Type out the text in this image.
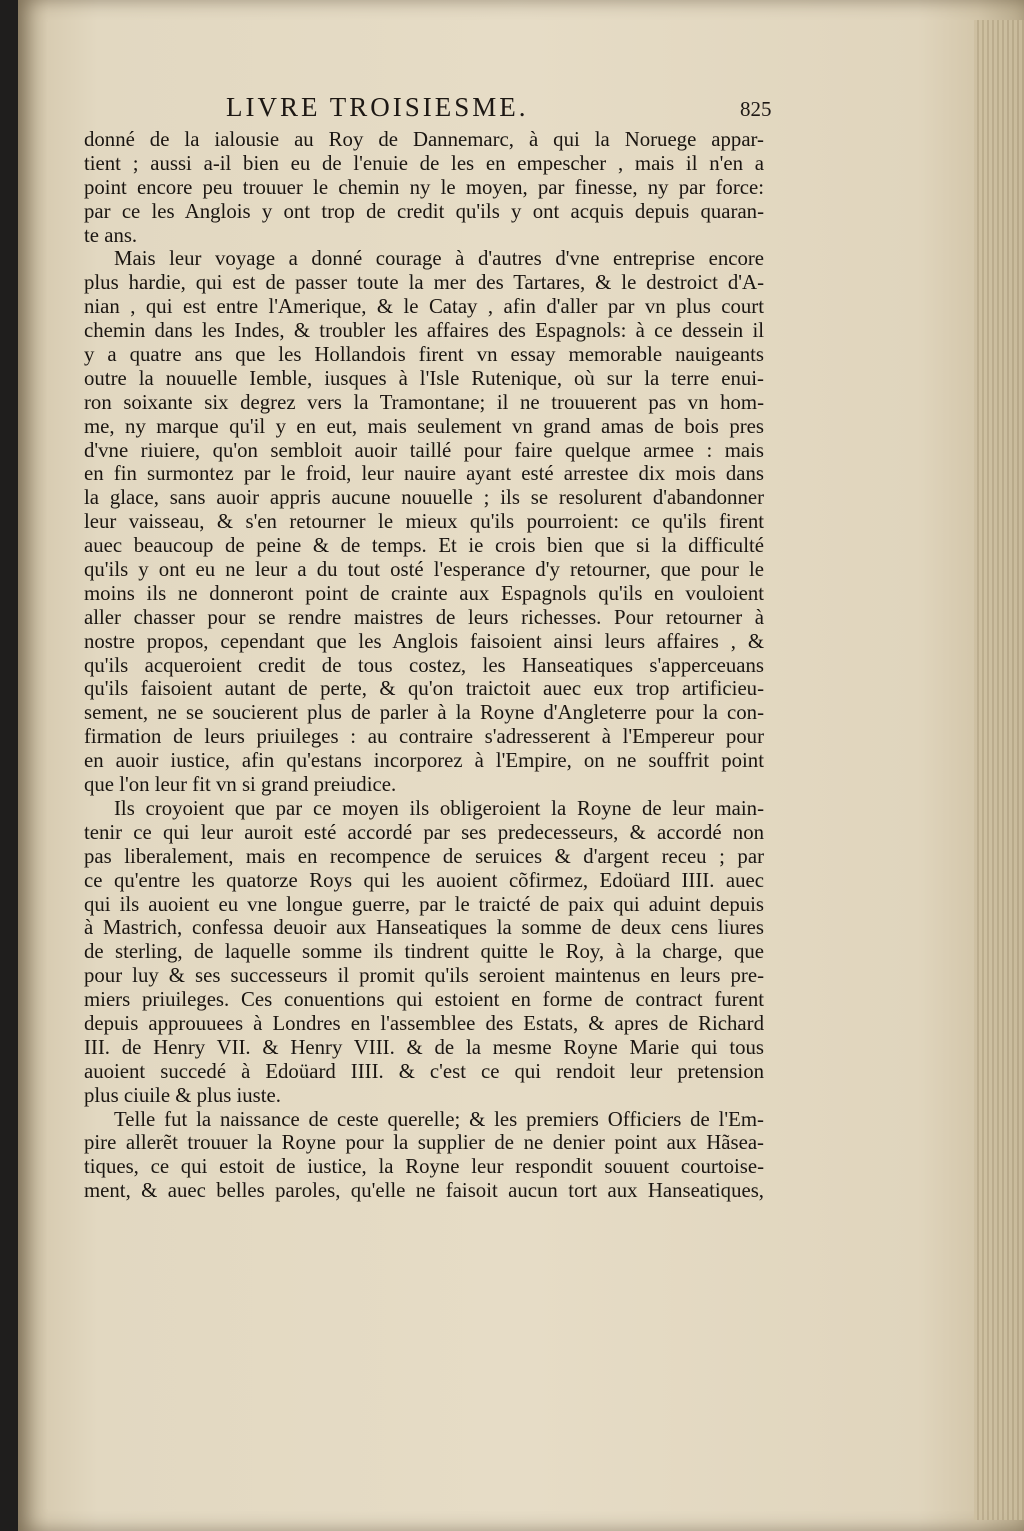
LIVRE TROISIESME.	825
donné de la ialousie au Roy de Dannemarc, à qui la Noruege appar-
tient ; aussi a-il bien eu de l'enuie de les en empescher , mais il n'en a
point encore peu trouuer le chemin ny le moyen, par finesse, ny par force:
par ce les Anglois y ont trop de credit qu'ils y ont acquis depuis quaran-
te ans.
Mais leur voyage a donné courage à d'autres d'vne entreprise encore
plus hardie, qui est de passer toute la mer des Tartares, & le destroict d'A-
nian , qui est entre l'Amerique, & le Catay , afin d'aller par vn plus court
chemin dans les Indes, & troubler les affaires des Espagnols: à ce dessein il
y a quatre ans que les Hollandois firent vn essay memorable nauigeants
outre la nouuelle Iemble, iusques à l'Isle Rutenique, où sur la terre enui-
ron soixante six degrez vers la Tramontane; il ne trouuerent pas vn hom-
me, ny marque qu'il y en eut, mais seulement vn grand amas de bois pres
d'vne riuiere, qu'on sembloit auoir taillé pour faire quelque armee : mais
en fin surmontez par le froid, leur nauire ayant esté arrestee dix mois dans
la glace, sans auoir appris aucune nouuelle ; ils se resolurent d'abandonner
leur vaisseau, & s'en retourner le mieux qu'ils pourroient: ce qu'ils firent
auec beaucoup de peine & de temps. Et ie crois bien que si la difficulté
qu'ils y ont eu ne leur a du tout osté l'esperance d'y retourner, que pour le
moins ils ne donneront point de crainte aux Espagnols qu'ils en vouloient
aller chasser pour se rendre maistres de leurs richesses. Pour retourner à
nostre propos, cependant que les Anglois faisoient ainsi leurs affaires , &
qu'ils acqueroient credit de tous costez, les Hanseatiques s'apperceuans
qu'ils faisoient autant de perte, & qu'on traictoit auec eux trop artificieu-
sement, ne se soucierent plus de parler à la Royne d'Angleterre pour la con-
firmation de leurs priuileges : au contraire s'adresserent à l'Empereur pour
en auoir iustice, afin qu'estans incorporez à l'Empire, on ne souffrit point
que l'on leur fit vn si grand preiudice.
Ils croyoient que par ce moyen ils obligeroient la Royne de leur main-
tenir ce qui leur auroit esté accordé par ses predecesseurs, & accordé non
pas liberalement, mais en recompence de seruices & d'argent receu ; par
ce qu'entre les quatorze Roys qui les auoient cõfirmez, Edoüard IIII. auec
qui ils auoient eu vne longue guerre, par le traicté de paix qui aduint depuis
à Mastrich, confessa deuoir aux Hanseatiques la somme de deux cens liures
de sterling, de laquelle somme ils tindrent quitte le Roy, à la charge, que
pour luy & ses successeurs il promit qu'ils seroient maintenus en leurs pre-
miers priuileges. Ces conuentions qui estoient en forme de contract furent
depuis approuuees à Londres en l'assemblee des Estats, & apres de Richard
III. de Henry VII. & Henry VIII. & de la mesme Royne Marie qui tous
auoient succedé à Edoüard IIII. & c'est ce qui rendoit leur pretension
plus ciuile & plus iuste.
Telle fut la naissance de ceste querelle; & les premiers Officiers de l'Em-
pire allerẽt trouuer la Royne pour la supplier de ne denier point aux Hãsea-
tiques, ce qui estoit de iustice, la Royne leur respondit souuent courtoise-
ment, & auec belles paroles, qu'elle ne faisoit aucun tort aux Hanseatiques,
